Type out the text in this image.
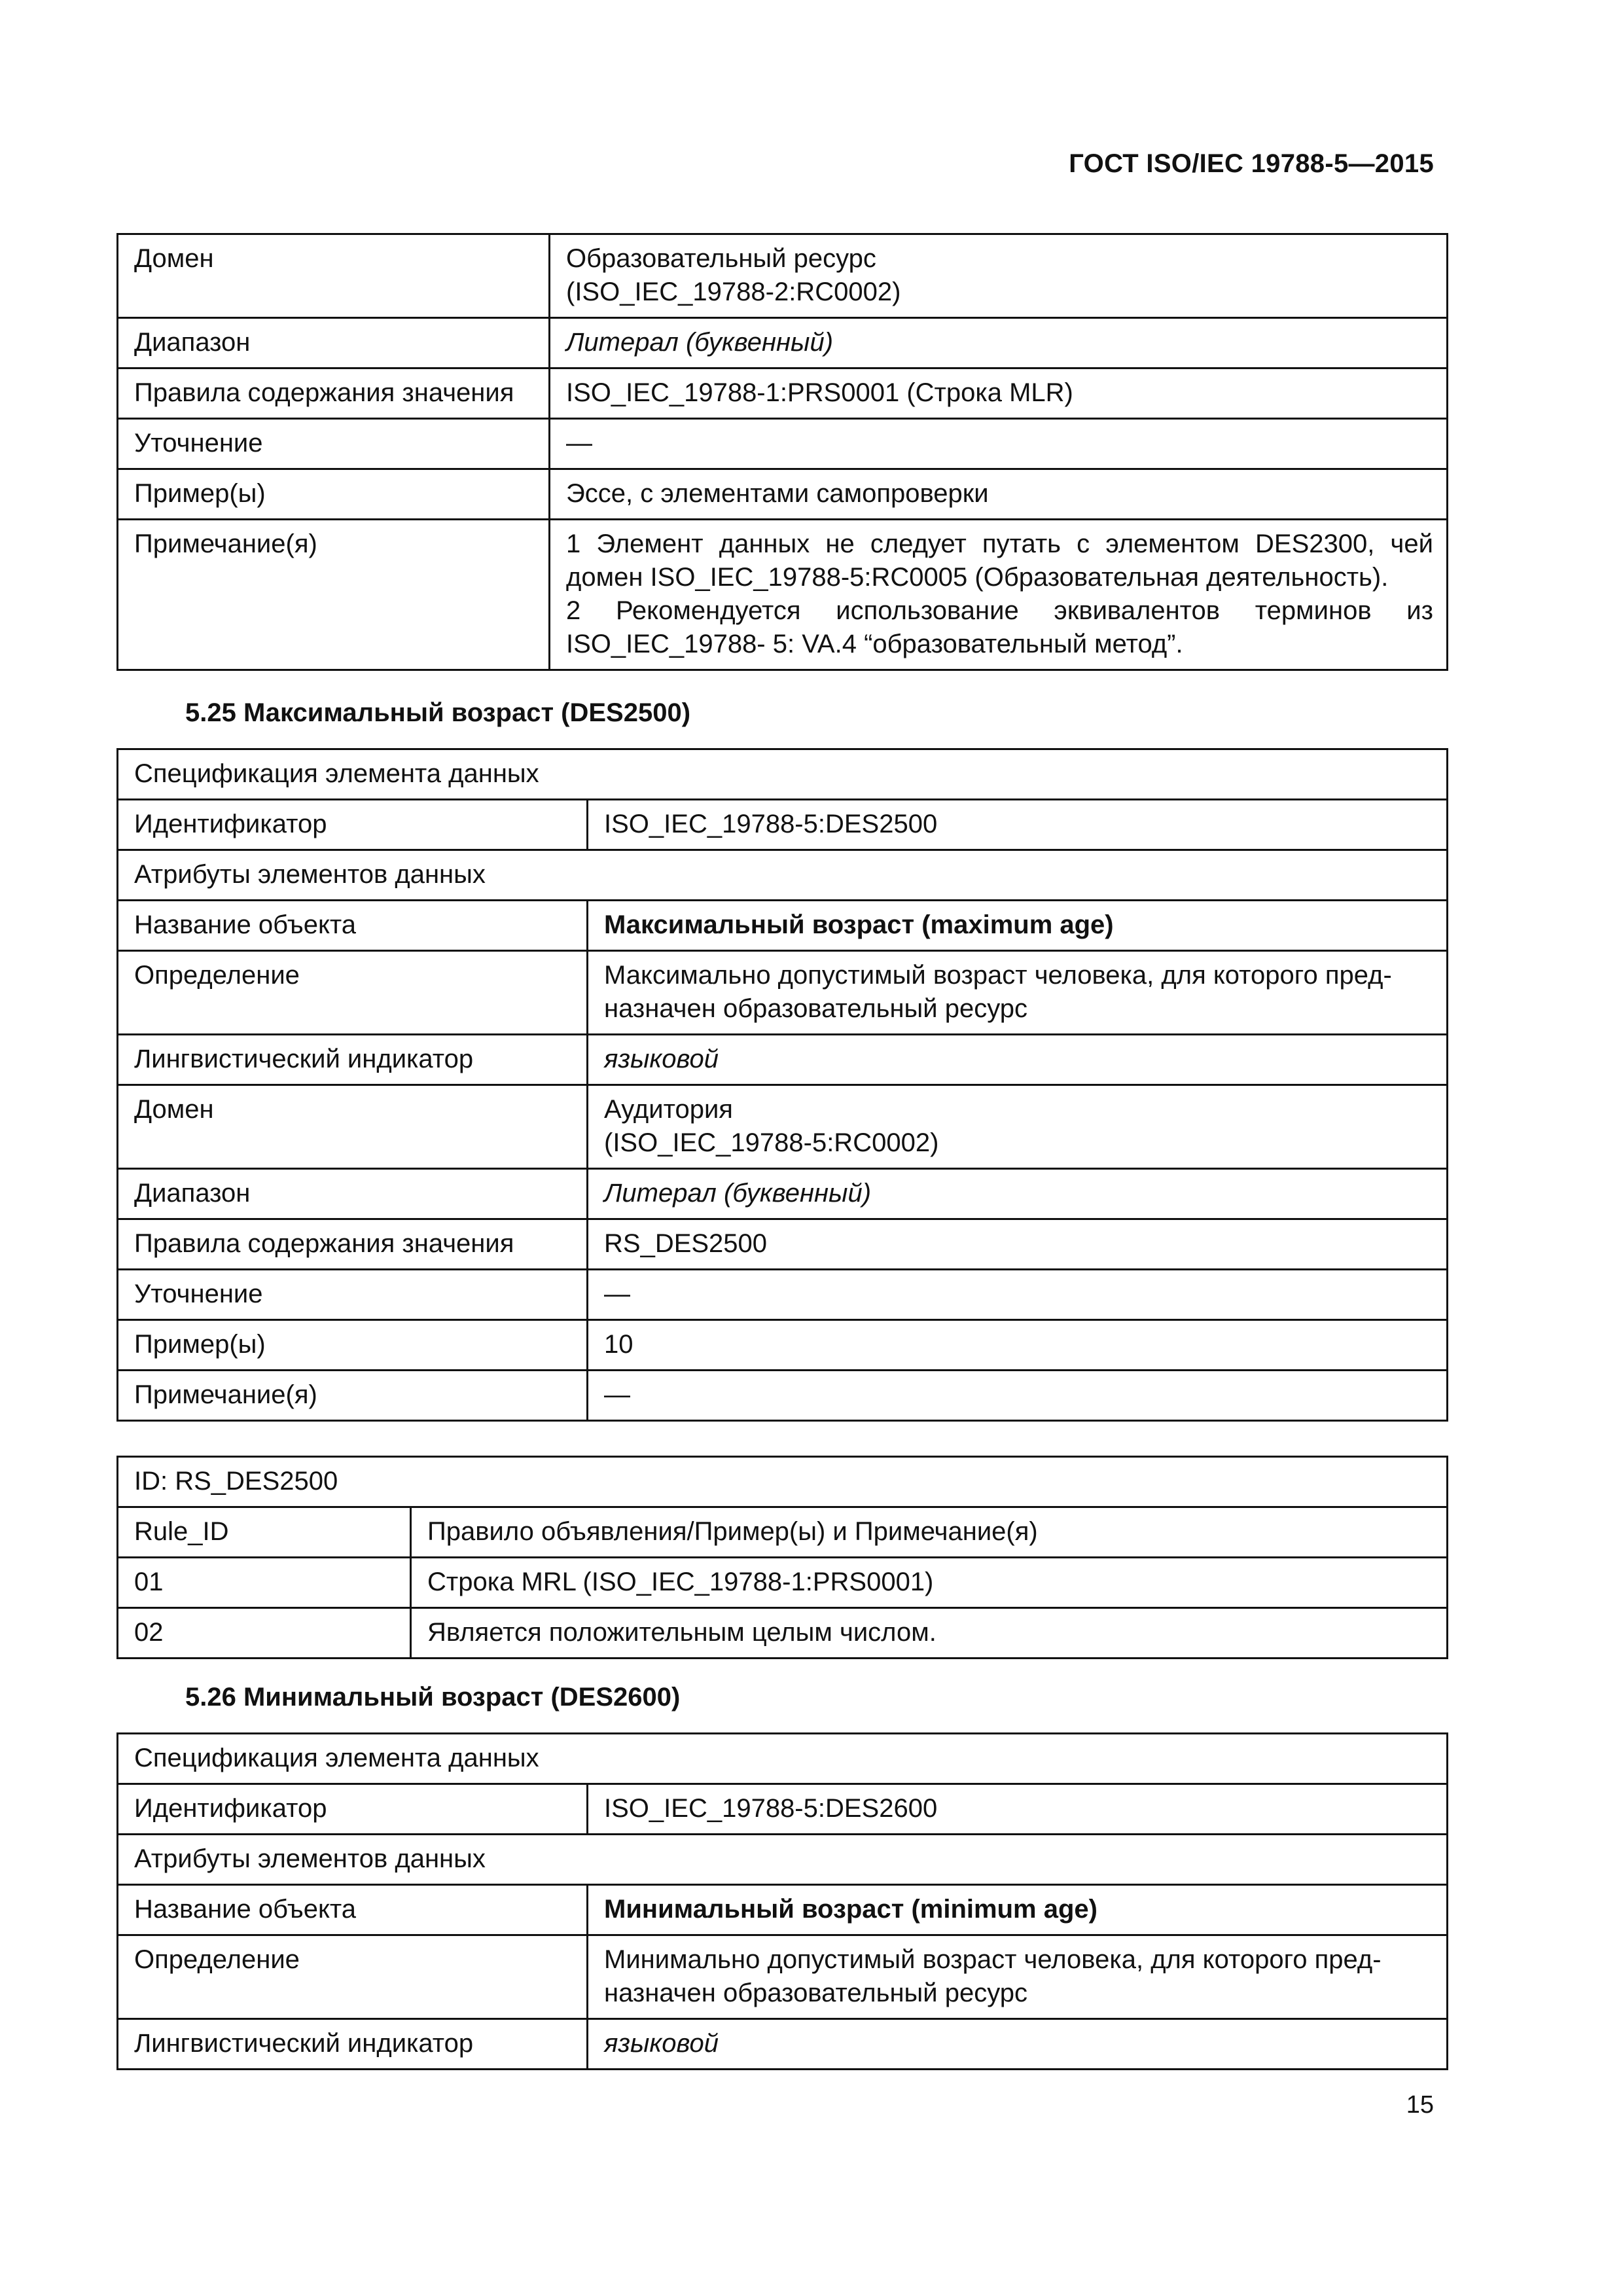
ГОСТ ISO/IEC 19788-5—2015
Домен	Образовательный ресурс
(ISO_IEC_19788-2:RC0002)
Диапазон	Литерал (буквенный)
Правила содержания значения	ISO_IEC_19788-1:PRS0001 (Строка MLR)
Уточнение	—
Пример(ы)	Эссе, с элементами самопроверки
Примечание(я)	1 Элемент данных не следует путать с элементом DES2300, чей домен ISO_IEC_19788-5:RC0005 (Образовательная деятельность).
2 Рекомендуется использование эквивалентов терминов из ISO_IEC_19788- 5: VA.4 “образовательный метод”.
5.25 Максимальный возраст (DES2500)
Спецификация элемента данных	
Идентификатор	ISO_IEC_19788-5:DES2500
Атрибуты элементов данных	
Название объекта	Максимальный возраст (maximum age)
Определение	Максимально допустимый возраст человека, для которого пред-
назначен образовательный ресурс
Лингвистический индикатор	языковой
Домен	Аудитория
(ISO_IEC_19788-5:RC0002)
Диапазон	Литерал (буквенный)
Правила содержания значения	RS_DES2500
Уточнение	—
Пример(ы)	10
Примечание(я)	—
ID: RS_DES2500	
Rule_ID	Правило объявления/Пример(ы) и Примечание(я)
01	Строка MRL (ISO_IEC_19788-1:PRS0001)
02	Является положительным целым числом.
5.26 Минимальный возраст (DES2600)
Спецификация элемента данных	
Идентификатор	ISO_IEC_19788-5:DES2600
Атрибуты элементов данных	
Название объекта	Минимальный возраст (minimum age)
Определение	Минимально допустимый возраст человека, для которого пред-
назначен образовательный ресурс
Лингвистический индикатор	языковой
15
